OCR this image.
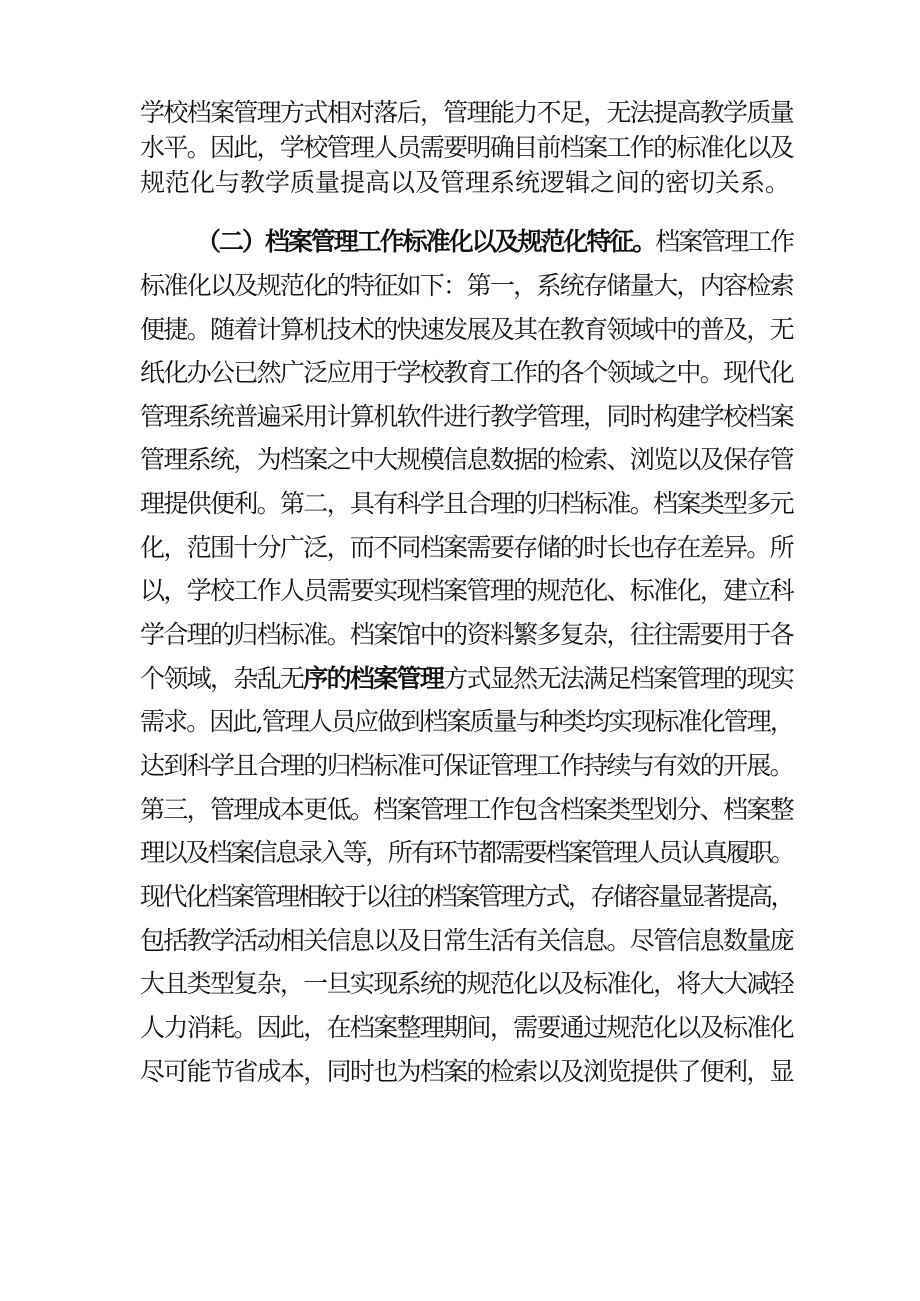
学校档案管理方式相对落后，管理能力不足，无法提高教学质量
水平。因此，学校管理人员需要明确目前档案工作的标准化以及
规范化与教学质量提高以及管理系统逻辑之间的密切关系。
（二）档案管理工作标准化以及规范化特征。档案管理工作
标准化以及规范化的特征如下：第一，系统存储量大，内容检索
便捷。随着计算机技术的快速发展及其在教育领域中的普及，无
纸化办公已然广泛应用于学校教育工作的各个领域之中。现代化
管理系统普遍采用计算机软件进行教学管理，同时构建学校档案
管理系统，为档案之中大规模信息数据的检索、浏览以及保存管
理提供便利。第二，具有科学且合理的归档标准。档案类型多元
化，范围十分广泛，而不同档案需要存储的时长也存在差异。所
以，学校工作人员需要实现档案管理的规范化、标准化，建立科
学合理的归档标准。档案馆中的资料繁多复杂，往往需要用于各
个领域，杂乱无序的档案管理方式显然无法满足档案管理的现实
需求。因此,管理人员应做到档案质量与种类均实现标准化管理，
达到科学且合理的归档标准可保证管理工作持续与有效的开展。
第三，管理成本更低。档案管理工作包含档案类型划分、档案整
理以及档案信息录入等，所有环节都需要档案管理人员认真履职。
现代化档案管理相较于以往的档案管理方式，存储容量显著提高，
包括教学活动相关信息以及日常生活有关信息。尽管信息数量庞
大且类型复杂，一旦实现系统的规范化以及标准化，将大大减轻
人力消耗。因此，在档案整理期间，需要通过规范化以及标准化
尽可能节省成本，同时也为档案的检索以及浏览提供了便利，显
